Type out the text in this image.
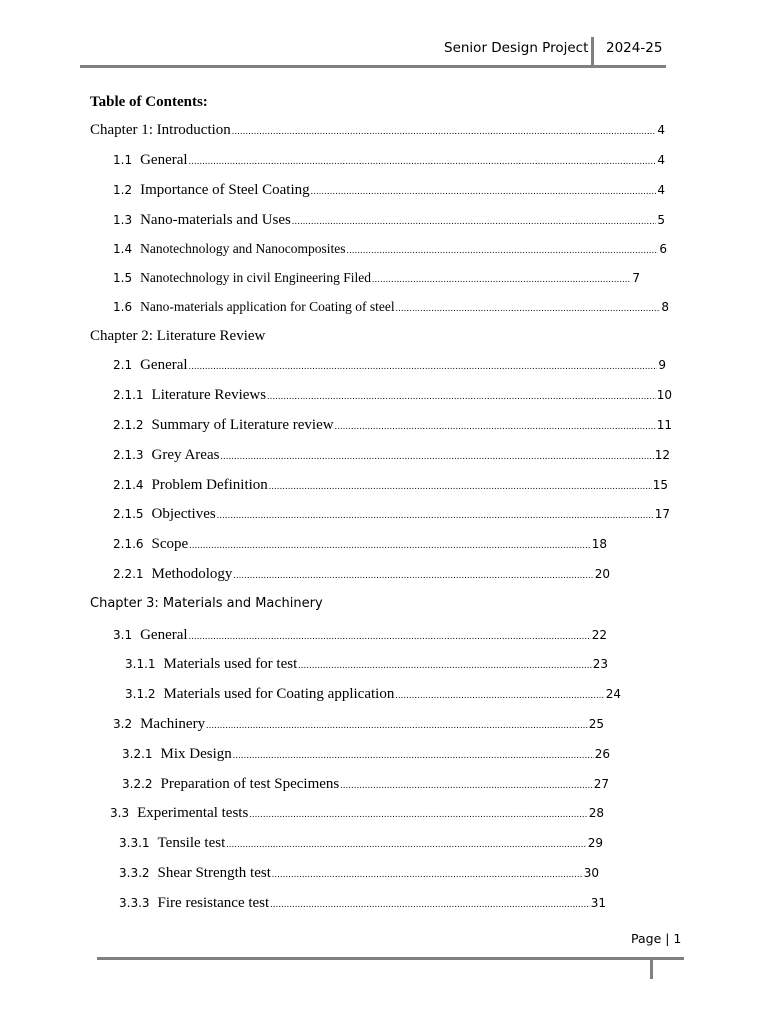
Senior Design Project 2024-25
Table of Contents:
Chapter 1: Introduction .....	4
1.1 General .....	4
1.2 Importance of Steel Coating .....	4
1.3 Nano-materials and Uses .....	5
1.4 Nanotechnology and Nanocomposites .....	6
1.5 Nanotechnology in civil Engineering Filed .....	7
1.6 Nano-materials application for Coating of steel .....	8
Chapter 2: Literature Review
2.1 General .....	9
2.1.1 Literature Reviews .....	10
2.1.2 Summary of Literature review .....	11
2.1.3 Grey Areas .....	12
2.1.4 Problem Definition .....	15
2.1.5 Objectives .....	17
2.1.6 Scope .....	18
2.2.1 Methodology .....	20
Chapter 3: Materials and Machinery
3.1 General .....	22
3.1.1 Materials used for test .....	23
3.1.2 Materials used for Coating application .....	24
3.2 Machinery .....	25
3.2.1 Mix Design .....	26
3.2.2 Preparation of test Specimens .....	27
3.3 Experimental tests .....	28
3.3.1 Tensile test .....	29
3.3.2 Shear Strength test .....	30
3.3.3 Fire resistance test .....	31
Page | 1
